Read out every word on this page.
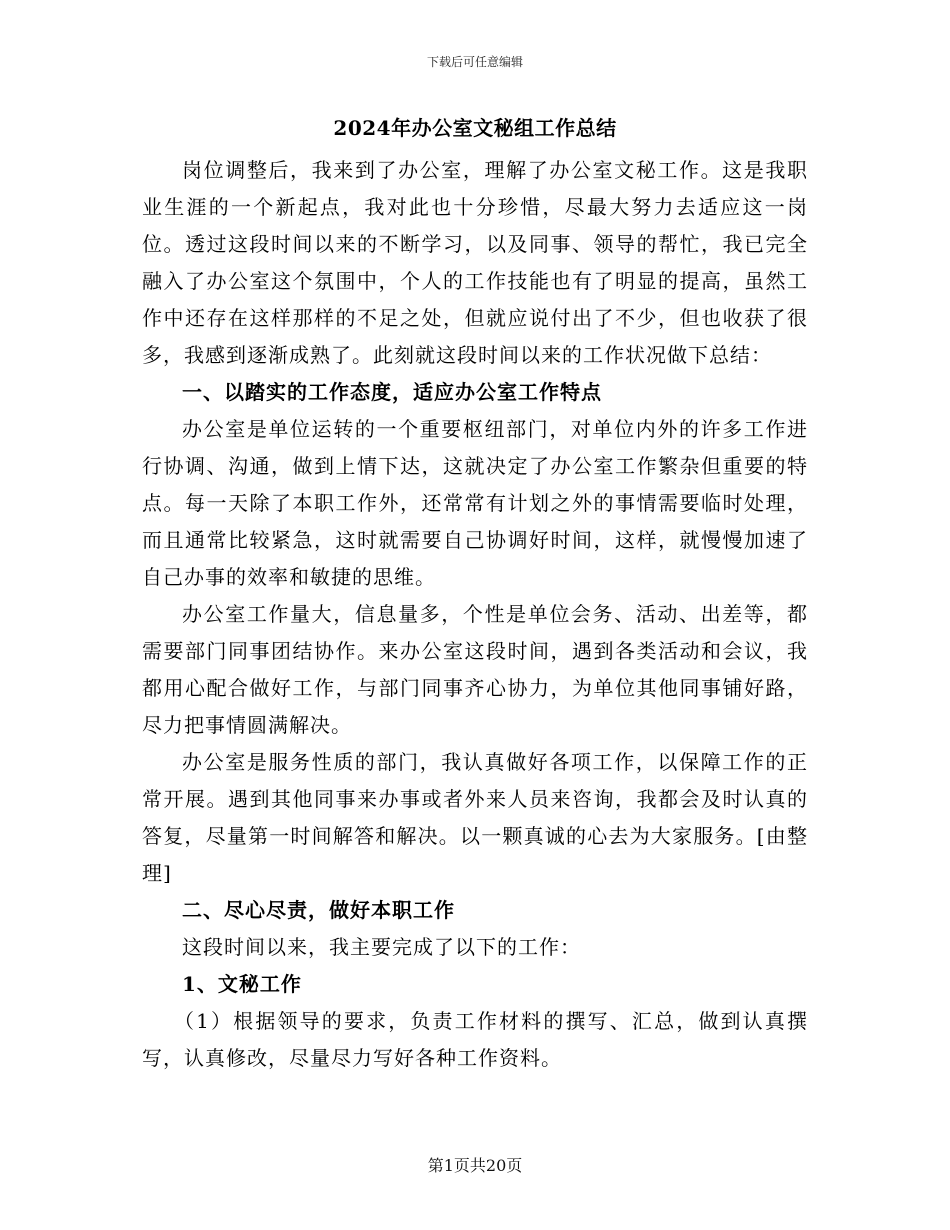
下载后可任意编辑
2024年办公室文秘组工作总结

岗位调整后，我来到了办公室，理解了办公室文秘工作。这是我职业生涯的一个新起点，我对此也十分珍惜，尽最大努力去适应这一岗位。透过这段时间以来的不断学习，以及同事、领导的帮忙，我已完全融入了办公室这个氛围中，个人的工作技能也有了明显的提高，虽然工作中还存在这样那样的不足之处，但就应说付出了不少，但也收获了很多，我感到逐渐成熟了。此刻就这段时间以来的工作状况做下总结：

一、以踏实的工作态度，适应办公室工作特点

办公室是单位运转的一个重要枢纽部门，对单位内外的许多工作进行协调、沟通，做到上情下达，这就决定了办公室工作繁杂但重要的特点。每一天除了本职工作外，还常常有计划之外的事情需要临时处理，而且通常比较紧急，这时就需要自己协调好时间，这样，就慢慢加速了自己办事的效率和敏捷的思维。

办公室工作量大，信息量多，个性是单位会务、活动、出差等，都需要部门同事团结协作。来办公室这段时间，遇到各类活动和会议，我都用心配合做好工作，与部门同事齐心协力，为单位其他同事铺好路，尽力把事情圆满解决。

办公室是服务性质的部门，我认真做好各项工作，以保障工作的正常开展。遇到其他同事来办事或者外来人员来咨询，我都会及时认真的答复，尽量第一时间解答和解决。以一颗真诚的心去为大家服务。[由整理]

二、尽心尽责，做好本职工作

这段时间以来，我主要完成了以下的工作：

1、文秘工作

（1）根据领导的要求，负责工作材料的撰写、汇总，做到认真撰写，认真修改，尽量尽力写好各种工作资料。

第1页共20页
